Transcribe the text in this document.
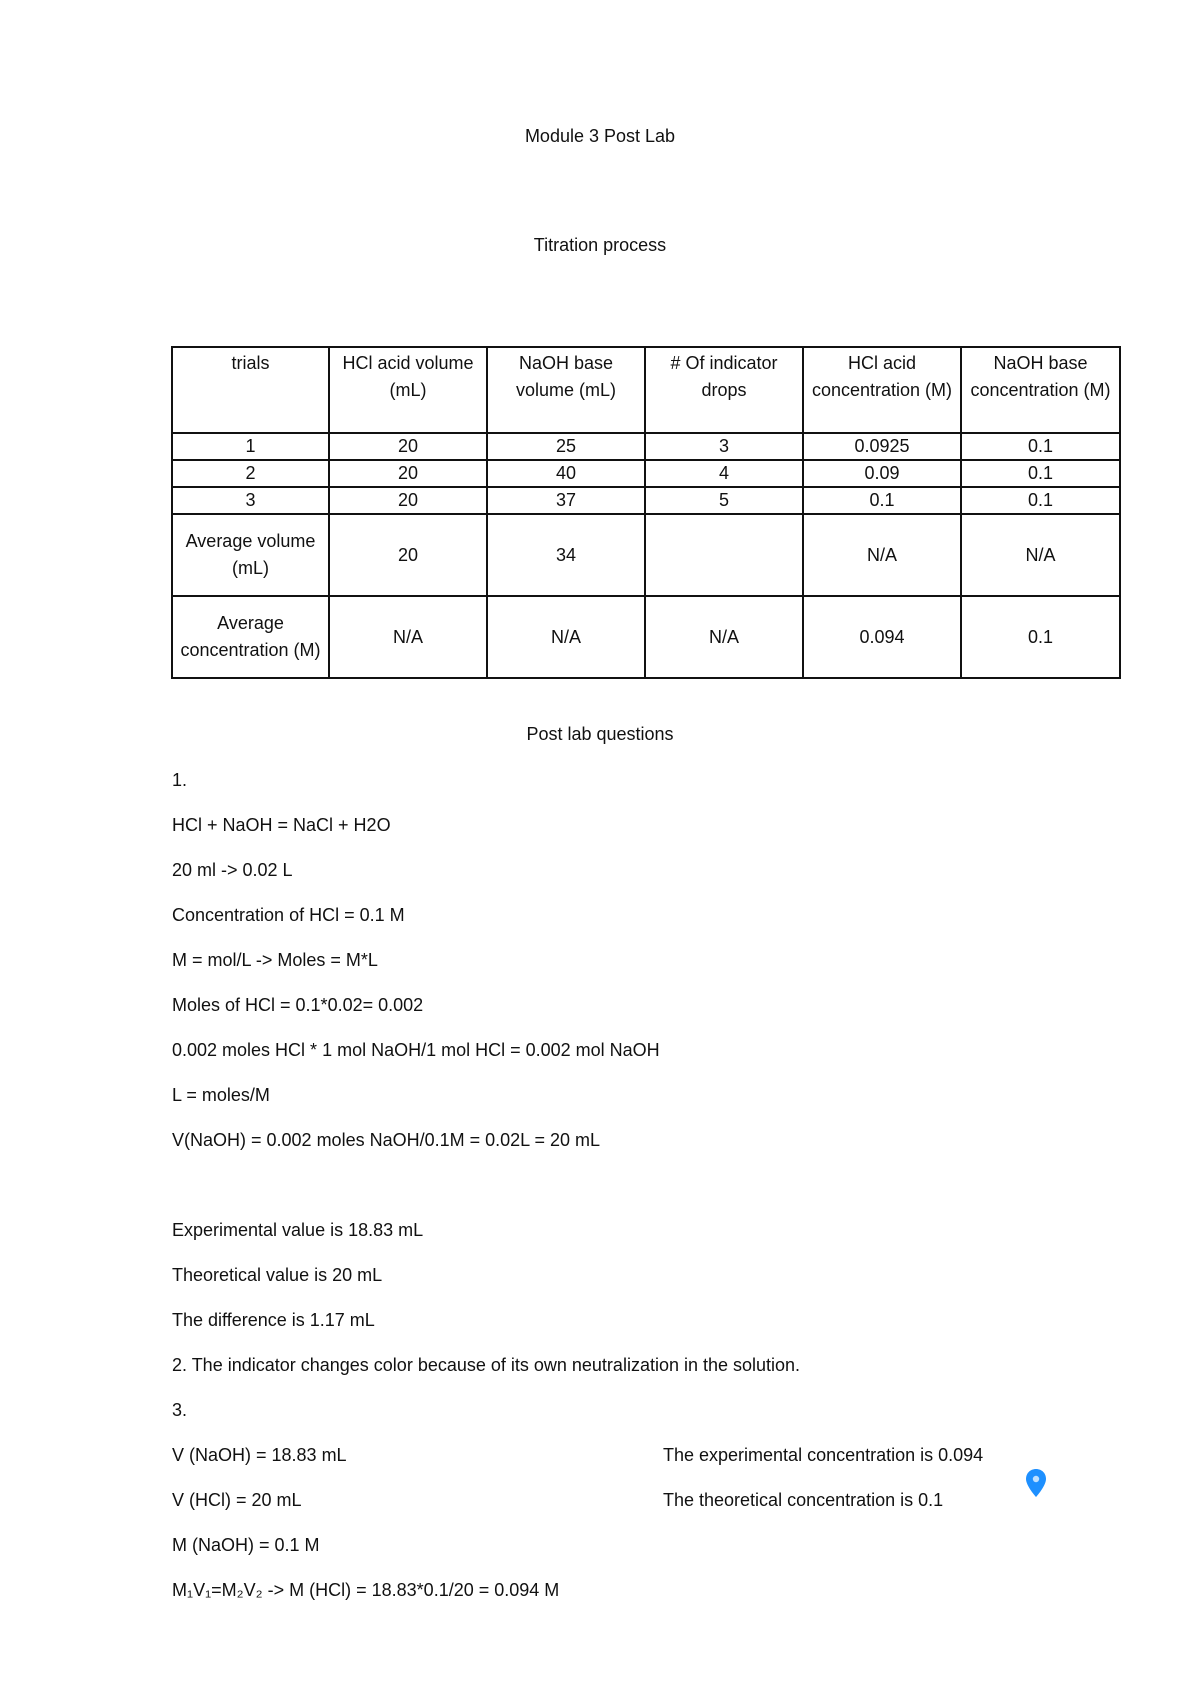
Module 3 Post Lab
Titration process
trials	HCl acid volume (mL)	NaOH base volume (mL)	# Of indicator drops	HCl acid concentration (M)	NaOH base concentration (M)
1	20	25	3	0.0925	0.1
2	20	40	4	0.09	0.1
3	20	37	5	0.1	0.1
Average volume (mL)	20	34		N/A	N/A
Average concentration (M)	N/A	N/A	N/A	0.094	0.1
Post lab questions
1.
HCl + NaOH = NaCl + H2O
20 ml -> 0.02 L
Concentration of HCl = 0.1 M
M = mol/L -> Moles = M*L
Moles of HCl = 0.1*0.02= 0.002
0.002 moles HCl * 1 mol NaOH/1 mol HCl = 0.002 mol NaOH
L = moles/M
V(NaOH) = 0.002 moles NaOH/0.1M = 0.02L = 20 mL
Experimental value is 18.83 mL
Theoretical value is 20 mL
The difference is 1.17 mL
2. The indicator changes color because of its own neutralization in the solution.
3.
V (NaOH) = 18.83 mL
V (HCl) = 20 mL
M (NaOH) = 0.1 M
M₁V₁=M₂V₂ -> M (HCl) = 18.83*0.1/20 = 0.094 M
The experimental concentration is 0.094
The theoretical concentration is 0.1
